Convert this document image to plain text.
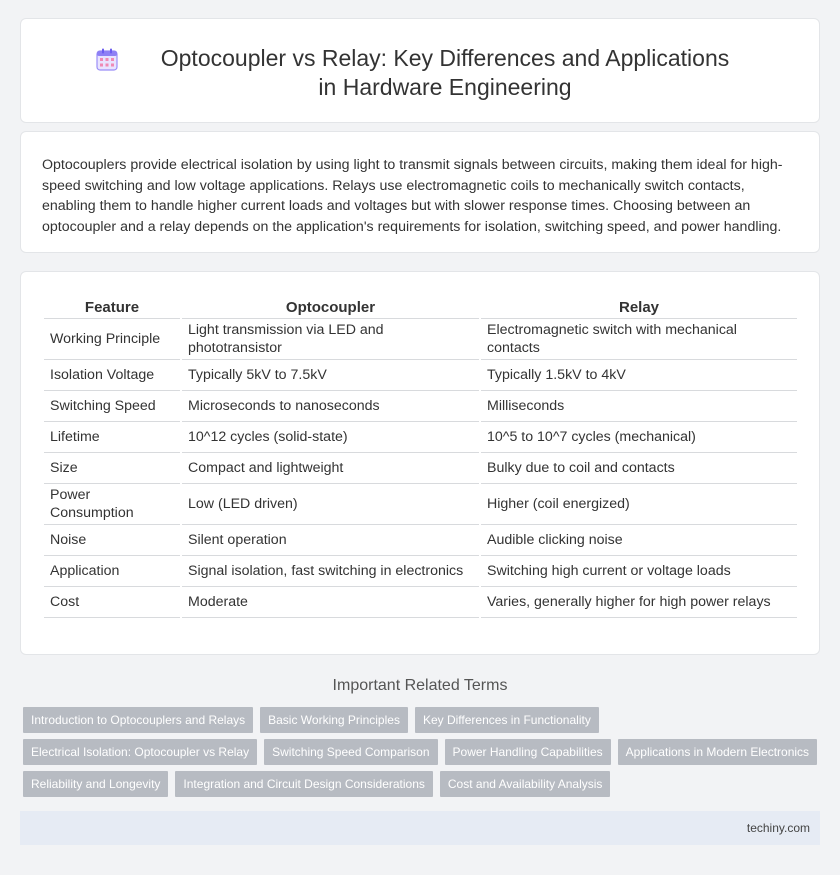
Optocoupler vs Relay: Key Differences and Applications in Hardware Engineering

Optocouplers provide electrical isolation by using light to transmit signals between circuits, making them ideal for high-speed switching and low voltage applications. Relays use electromagnetic coils to mechanically switch contacts, enabling them to handle higher current loads and voltages but with slower response times. Choosing between an optocoupler and a relay depends on the application's requirements for isolation, switching speed, and power handling.

Feature	Optocoupler	Relay
Working Principle	Light transmission via LED and phototransistor	Electromagnetic switch with mechanical contacts
Isolation Voltage	Typically 5kV to 7.5kV	Typically 1.5kV to 4kV
Switching Speed	Microseconds to nanoseconds	Milliseconds
Lifetime	10^12 cycles (solid-state)	10^5 to 10^7 cycles (mechanical)
Size	Compact and lightweight	Bulky due to coil and contacts
Power Consumption	Low (LED driven)	Higher (coil energized)
Noise	Silent operation	Audible clicking noise
Application	Signal isolation, fast switching in electronics	Switching high current or voltage loads
Cost	Moderate	Varies, generally higher for high power relays
Important Related Terms
Introduction to Optocouplers and Relays	Basic Working Principles	Key Differences in Functionality
Electrical Isolation: Optocoupler vs Relay	Switching Speed Comparison	Power Handling Capabilities	Applications in Modern Electronics
Reliability and Longevity	Integration and Circuit Design Considerations	Cost and Availability Analysis
techiny.com
